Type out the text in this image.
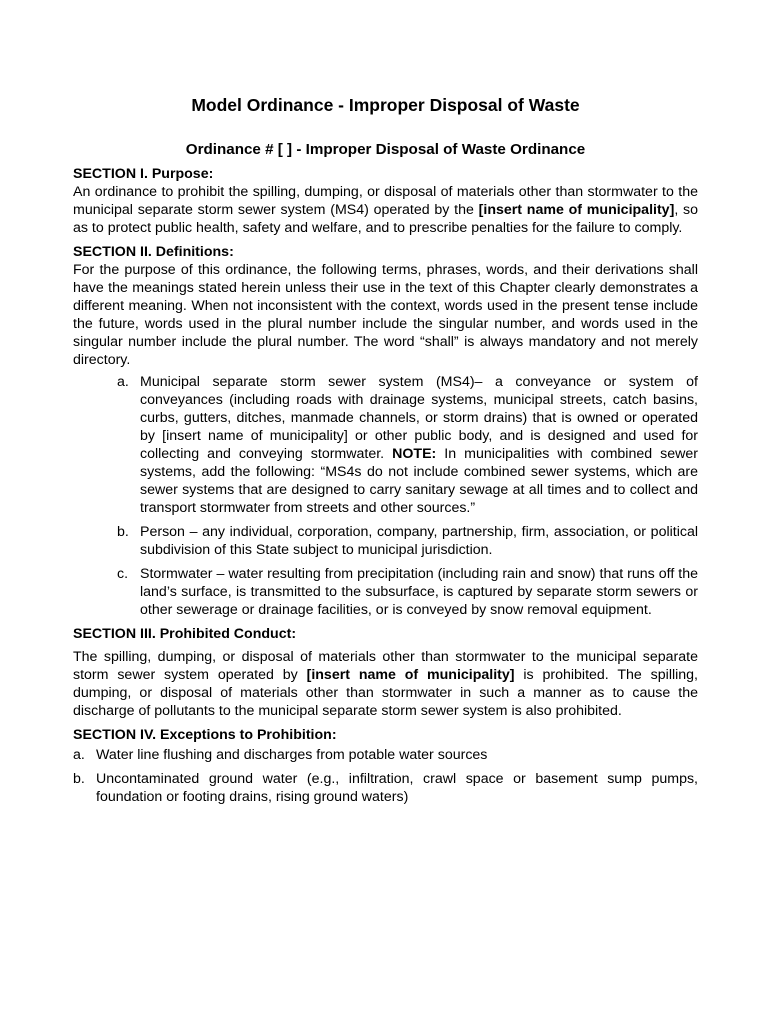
Model Ordinance - Improper Disposal of Waste
Ordinance # [ ] - Improper Disposal of Waste Ordinance
SECTION I. Purpose:

An ordinance to prohibit the spilling, dumping, or disposal of materials other than stormwater to the municipal separate storm sewer system (MS4) operated by the [insert name of municipality], so as to protect public health, safety and welfare, and to prescribe penalties for the failure to comply.

SECTION II. Definitions:

For the purpose of this ordinance, the following terms, phrases, words, and their derivations shall have the meanings stated herein unless their use in the text of this Chapter clearly demonstrates a different meaning. When not inconsistent with the context, words used in the present tense include the future, words used in the plural number include the singular number, and words used in the singular number include the plural number. The word “shall” is always mandatory and not merely directory.

a. Municipal separate storm sewer system (MS4)– a conveyance or system of conveyances (including roads with drainage systems, municipal streets, catch basins, curbs, gutters, ditches, manmade channels, or storm drains) that is owned or operated by [insert name of municipality] or other public body, and is designed and used for collecting and conveying stormwater. NOTE: In municipalities with combined sewer systems, add the following: “MS4s do not include combined sewer systems, which are sewer systems that are designed to carry sanitary sewage at all times and to collect and transport stormwater from streets and other sources.”
b. Person – any individual, corporation, company, partnership, firm, association, or political subdivision of this State subject to municipal jurisdiction.
c. Stormwater – water resulting from precipitation (including rain and snow) that runs off the land’s surface, is transmitted to the subsurface, is captured by separate storm sewers or other sewerage or drainage facilities, or is conveyed by snow removal equipment.
SECTION III. Prohibited Conduct:

The spilling, dumping, or disposal of materials other than stormwater to the municipal separate storm sewer system operated by [insert name of municipality] is prohibited. The spilling, dumping, or disposal of materials other than stormwater in such a manner as to cause the discharge of pollutants to the municipal separate storm sewer system is also prohibited.

SECTION IV. Exceptions to Prohibition:
a. Water line flushing and discharges from potable water sources
b. Uncontaminated ground water (e.g., infiltration, crawl space or basement sump pumps, foundation or footing drains, rising ground waters)
